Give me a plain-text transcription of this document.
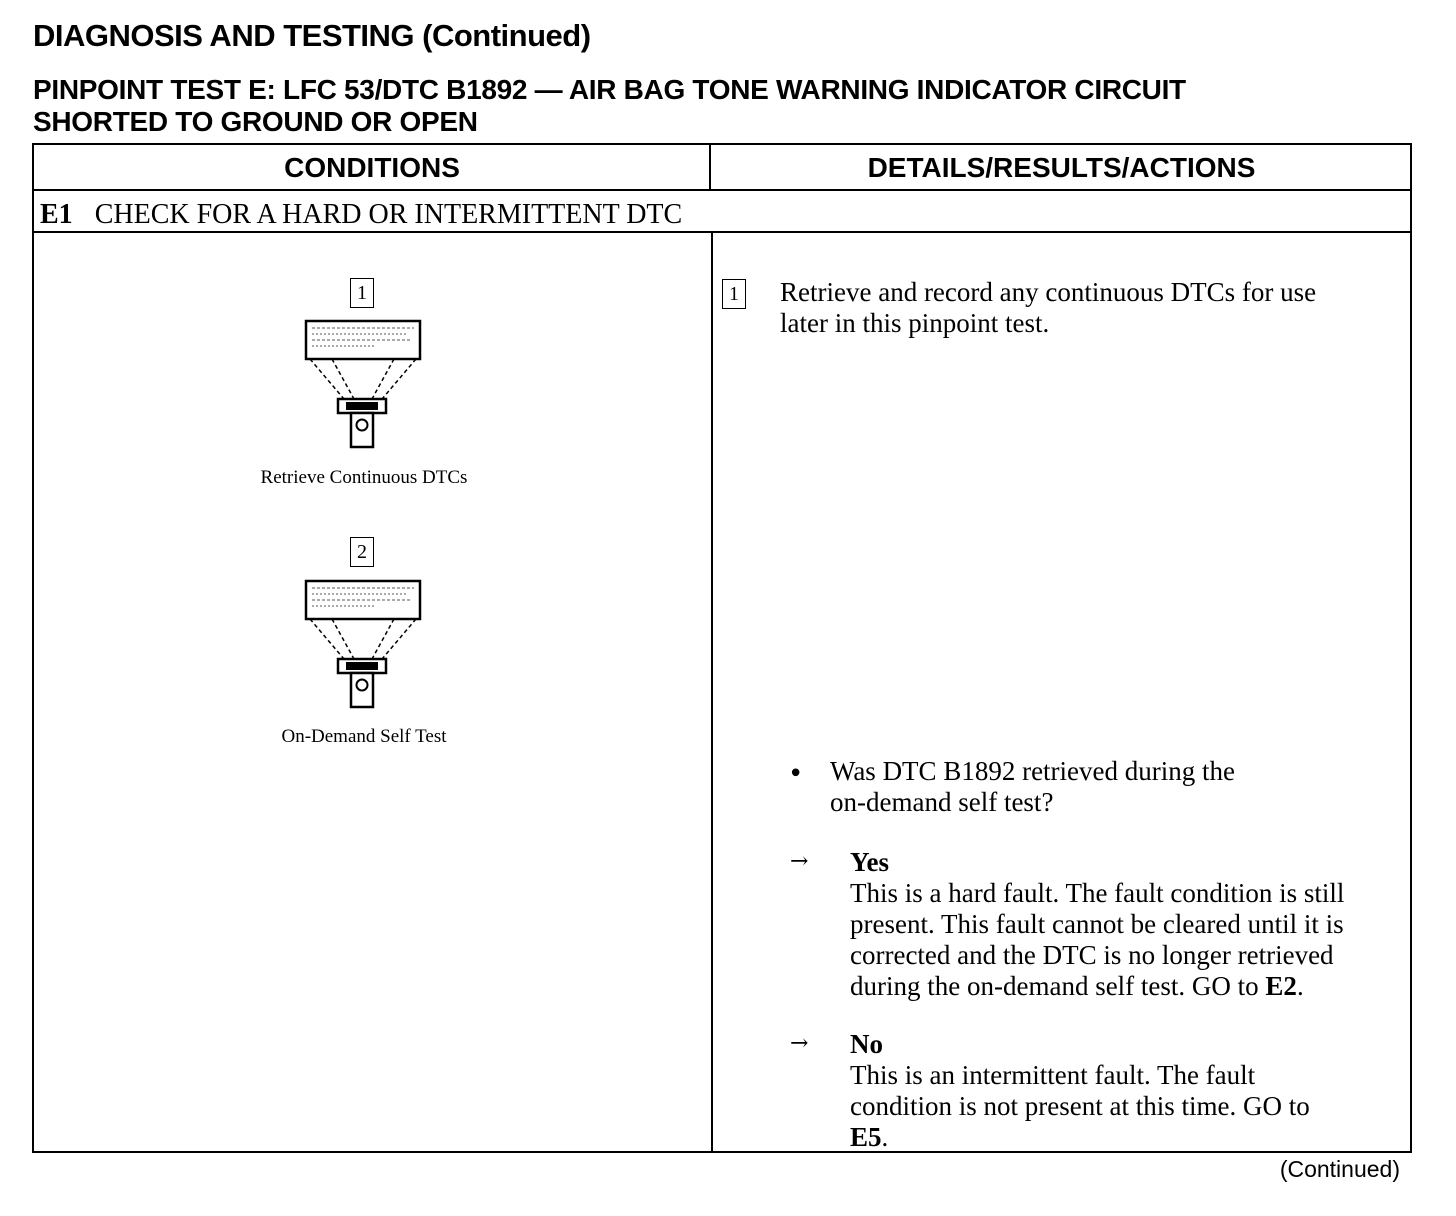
DIAGNOSIS AND TESTING (Continued)
PINPOINT TEST E: LFC 53/DTC B1892 — AIR BAG TONE WARNING INDICATOR CIRCUIT
SHORTED TO GROUND OR OPEN
CONDITIONS	DETAILS/RESULTS/ACTIONS
E1 CHECK FOR A HARD OR INTERMITTENT DTC
1
Retrieve Continuous DTCs
2
On-Demand Self Test
1 Retrieve and record any continuous DTCs for use
later in this pinpoint test.
• Was DTC B1892 retrieved during the
on-demand self test?
→ Yes
This is a hard fault. The fault condition is still
present. This fault cannot be cleared until it is
corrected and the DTC is no longer retrieved
during the on-demand self test. GO to E2.
→ No
This is an intermittent fault. The fault
condition is not present at this time. GO to
E5.
(Continued)
